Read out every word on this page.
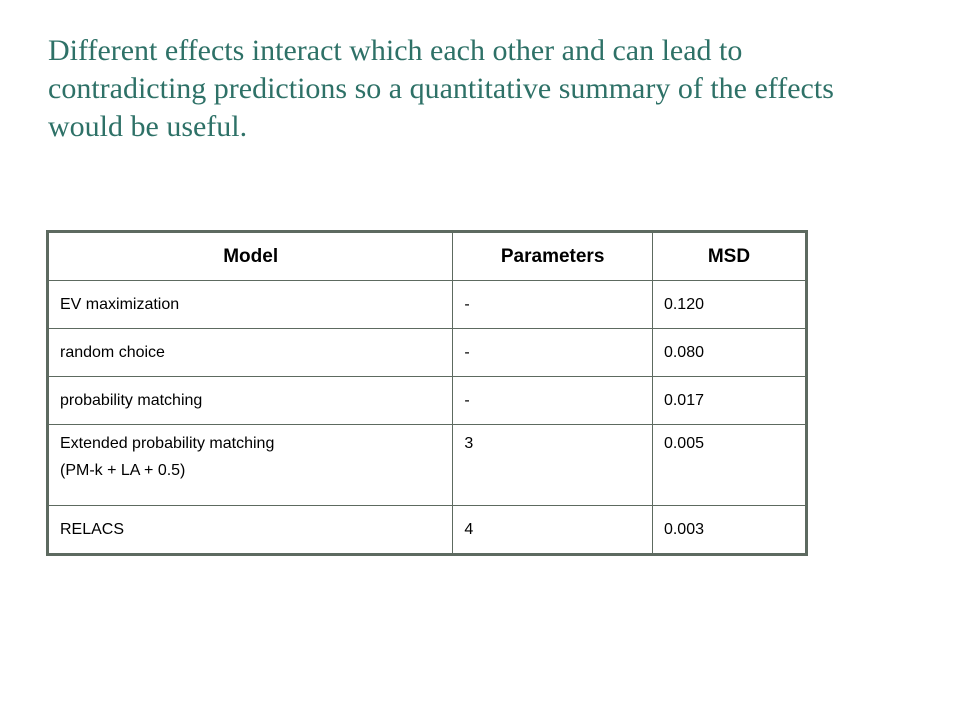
Different effects interact which each other and can lead to contradicting predictions so a quantitative summary of the effects would be useful.
Model	Parameters	MSD
EV maximization	-	0.120
random choice	-	0.080
probability matching	-	0.017
Extended probability matching
(PM-k + LA + 0.5)	3	0.005
RELACS	4	0.003
